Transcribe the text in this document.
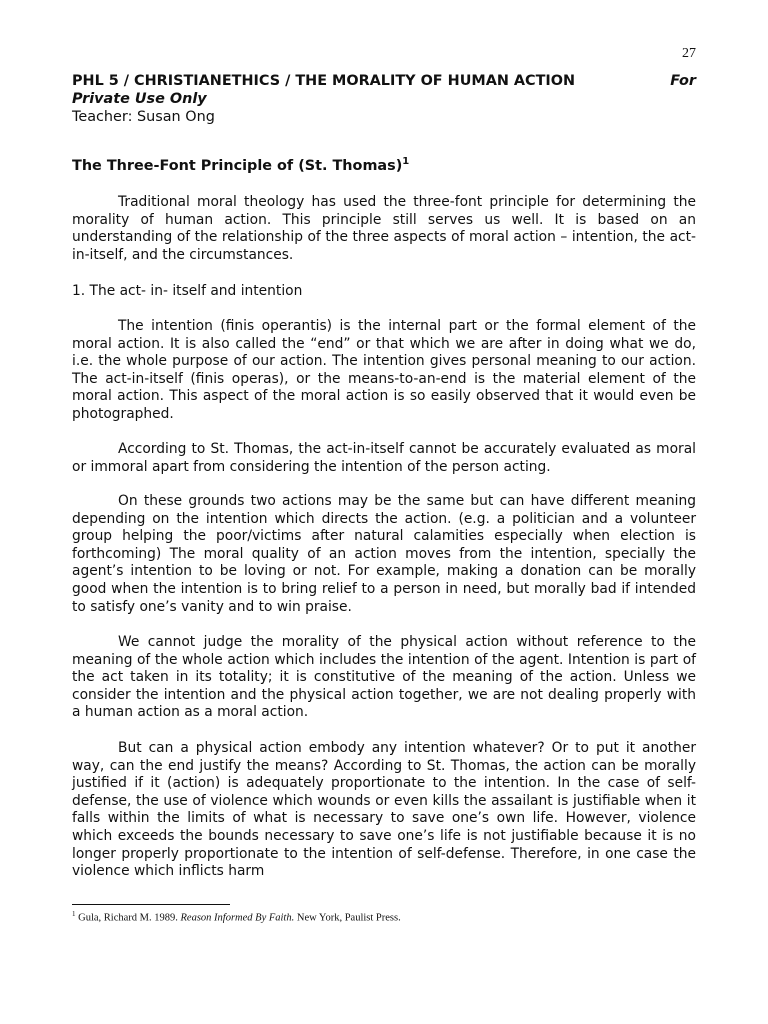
27
PHL 5 / CHRISTIANETHICS / THE MORALITY OF HUMAN ACTION	For
Private Use Only
Teacher: Susan Ong
The Three-Font Principle of (St. Thomas)$^1$

Traditional moral theology has used the three-font principle for determining the morality of human action. This principle still serves us well. It is based on an understanding of the relationship of the three aspects of moral action – intention, the act-in-itself, and the circumstances.

1. The act- in- itself and intention

The intention (finis operantis) is the internal part or the formal element of the moral action. It is also called the “end” or that which we are after in doing what we do, i.e. the whole purpose of our action. The intention gives personal meaning to our action. The act-in-itself (finis operas), or the means-to-an-end is the material element of the moral action. This aspect of the moral action is so easily observed that it would even be photographed.

According to St. Thomas, the act-in-itself cannot be accurately evaluated as moral or immoral apart from considering the intention of the person acting.

On these grounds two actions may be the same but can have different meaning depending on the intention which directs the action. (e.g. a politician and a volunteer group helping the poor/victims after natural calamities especially when election is forthcoming) The moral quality of an action moves from the intention, specially the agent’s intention to be loving or not. For example, making a donation can be morally good when the intention is to bring relief to a person in need, but morally bad if intended to satisfy one’s vanity and to win praise.

We cannot judge the morality of the physical action without reference to the meaning of the whole action which includes the intention of the agent. Intention is part of the act taken in its totality; it is constitutive of the meaning of the action. Unless we consider the intention and the physical action together, we are not dealing properly with a human action as a moral action.

But can a physical action embody any intention whatever? Or to put it another way, can the end justify the means? According to St. Thomas, the action can be morally justified if it (action) is adequately proportionate to the intention. In the case of self-defense, the use of violence which wounds or even kills the assailant is justifiable when it falls within the limits of what is necessary to save one’s own life. However, violence which exceeds the bounds necessary to save one’s life is not justifiable because it is no longer properly proportionate to the intention of self-defense. Therefore, in one case the violence which inflicts harm

$^1$ Gula, Richard M. 1989. Reason Informed By Faith. New York, Paulist Press.
